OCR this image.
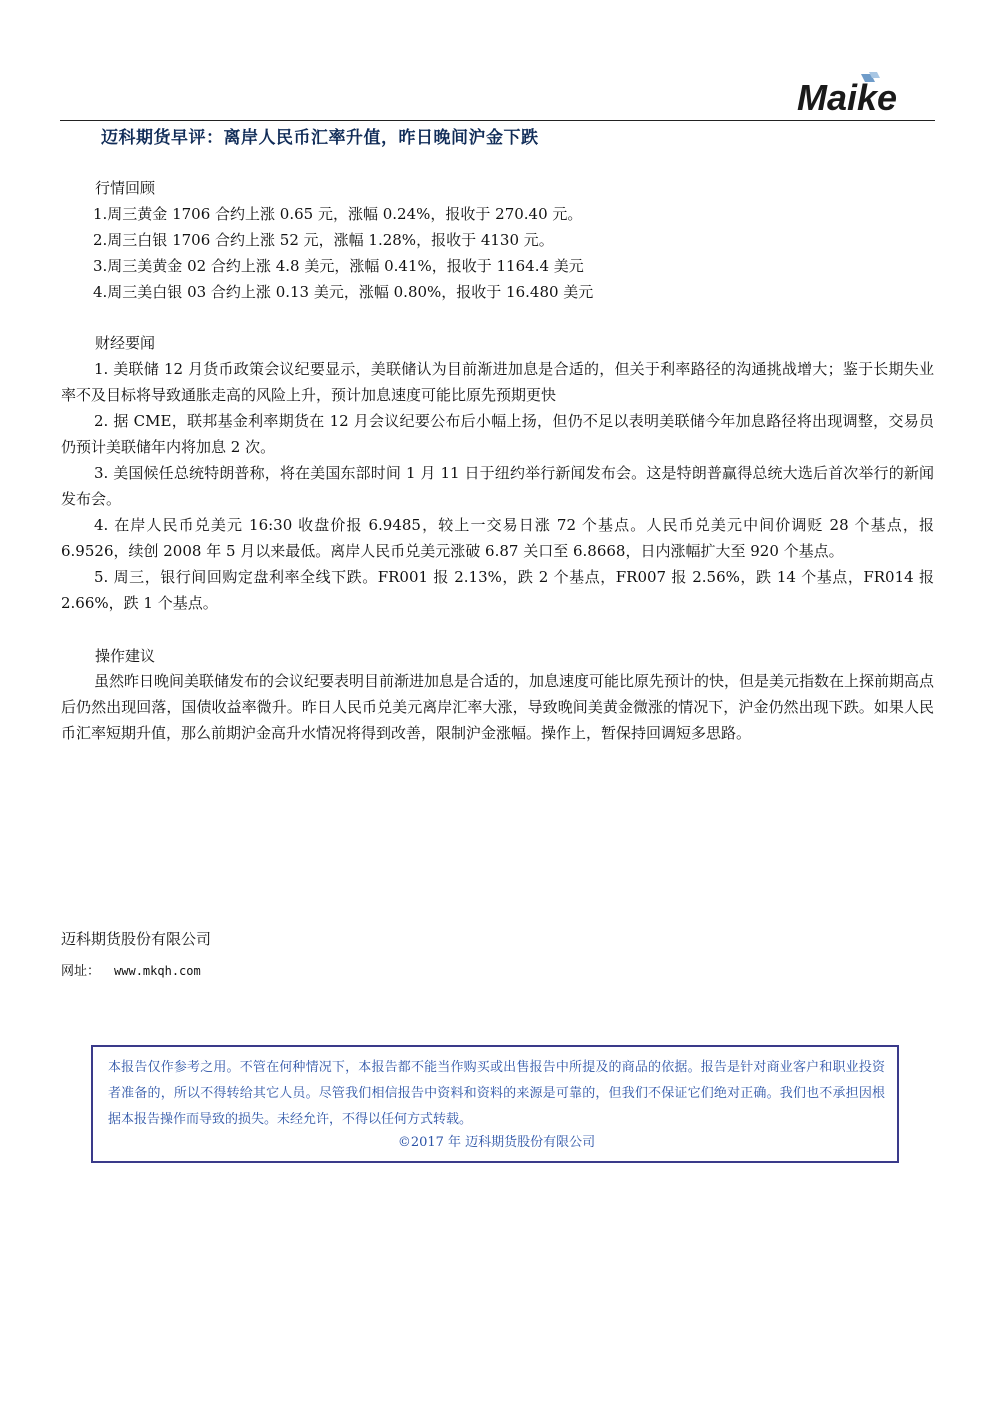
Maike
迈科期货早评：离岸人民币汇率升值，昨日晚间沪金下跌
行情回顾
1.周三黄金 1706 合约上涨 0.65 元，涨幅 0.24%，报收于 270.40 元。
2.周三白银 1706 合约上涨 52 元，涨幅 1.28%，报收于 4130 元。
3.周三美黄金 02 合约上涨 4.8 美元，涨幅 0.41%，报收于 1164.4 美元
4.周三美白银 03 合约上涨 0.13 美元，涨幅 0.80%，报收于 16.480 美元
财经要闻

1. 美联储 12 月货币政策会议纪要显示，美联储认为目前渐进加息是合适的，但关于利率路径的沟通挑战增大；鉴于长期失业率不及目标将导致通胀走高的风险上升，预计加息速度可能比原先预期更快

2. 据 CME，联邦基金利率期货在 12 月会议纪要公布后小幅上扬，但仍不足以表明美联储今年加息路径将出现调整，交易员仍预计美联储年内将加息 2 次。

3. 美国候任总统特朗普称，将在美国东部时间 1 月 11 日于纽约举行新闻发布会。这是特朗普赢得总统大选后首次举行的新闻发布会。

4. 在岸人民币兑美元 16:30 收盘价报 6.9485，较上一交易日涨 72 个基点。人民币兑美元中间价调贬 28 个基点，报 6.9526，续创 2008 年 5 月以来最低。离岸人民币兑美元涨破 6.87 关口至 6.8668，日内涨幅扩大至 920 个基点。

5. 周三，银行间回购定盘利率全线下跌。FR001 报 2.13%，跌 2 个基点，FR007 报 2.56%，跌 14 个基点，FR014 报 2.66%，跌 1 个基点。

操作建议

虽然昨日晚间美联储发布的会议纪要表明目前渐进加息是合适的，加息速度可能比原先预计的快，但是美元指数在上探前期高点后仍然出现回落，国债收益率微升。昨日人民币兑美元离岸汇率大涨，导致晚间美黄金微涨的情况下，沪金仍然出现下跌。如果人民币汇率短期升值，那么前期沪金高升水情况将得到改善，限制沪金涨幅。操作上，暂保持回调短多思路。

迈科期货股份有限公司
网址： www.mkqh.com
本报告仅作参考之用。不管在何种情况下，本报告都不能当作购买或出售报告中所提及的商品的依据。报告是针对商业客户和职业投资者准备的，所以不得转给其它人员。尽管我们相信报告中资料和资料的来源是可靠的，但我们不保证它们绝对正确。我们也不承担因根据本报告操作而导致的损失。未经允许，不得以任何方式转载。
©2017 年 迈科期货股份有限公司
